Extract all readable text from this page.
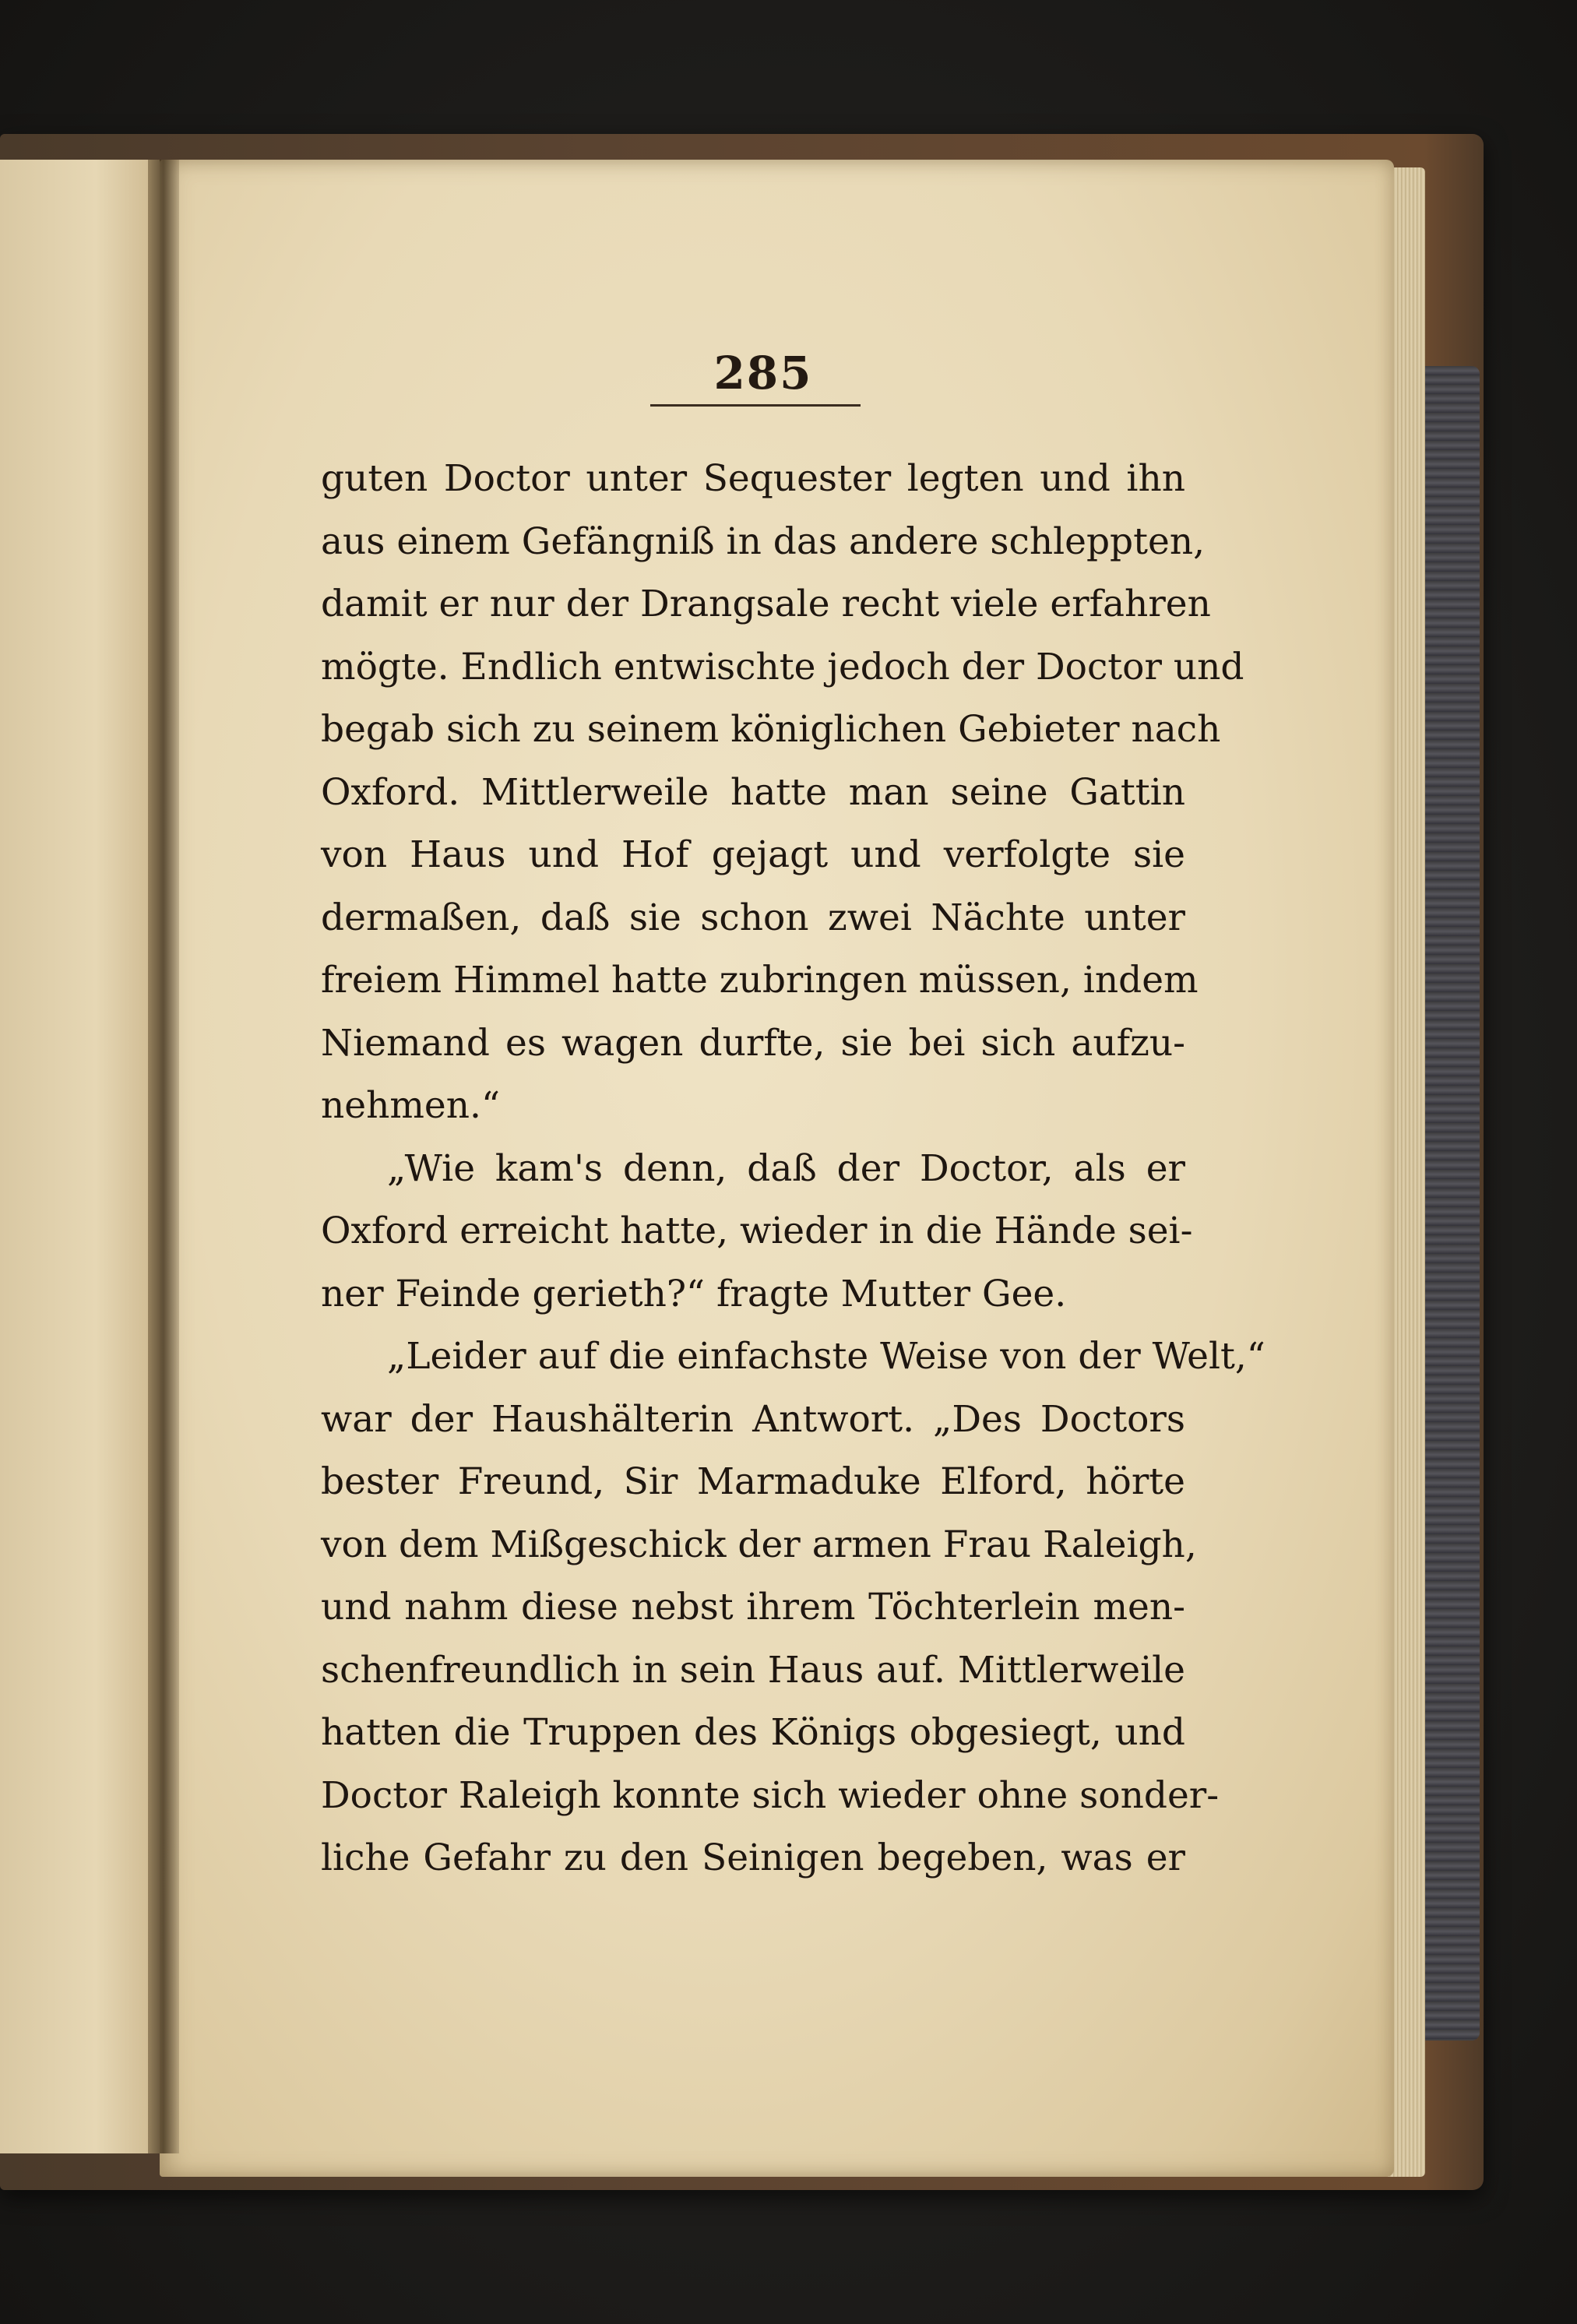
285
guten Doctor unter Sequester legten und ihn
aus einem Gefängniß in das andere schleppten,
damit er nur der Drangsale recht viele erfahren
mögte. Endlich entwischte jedoch der Doctor und
begab sich zu seinem königlichen Gebieter nach
Oxford. Mittlerweile hatte man seine Gattin
von Haus und Hof gejagt und verfolgte sie
dermaßen, daß sie schon zwei Nächte unter
freiem Himmel hatte zubringen müssen, indem
Niemand es wagen durfte, sie bei sich aufzu-
nehmen.“
„Wie kam's denn, daß der Doctor, als er
Oxford erreicht hatte, wieder in die Hände sei-
ner Feinde gerieth?“ fragte Mutter Gee.
„Leider auf die einfachste Weise von der Welt,“
war der Haushälterin Antwort. „Des Doctors
bester Freund, Sir Marmaduke Elford, hörte
von dem Mißgeschick der armen Frau Raleigh,
und nahm diese nebst ihrem Töchterlein men-
schenfreundlich in sein Haus auf. Mittlerweile
hatten die Truppen des Königs obgesiegt, und
Doctor Raleigh konnte sich wieder ohne sonder-
liche Gefahr zu den Seinigen begeben, was er
